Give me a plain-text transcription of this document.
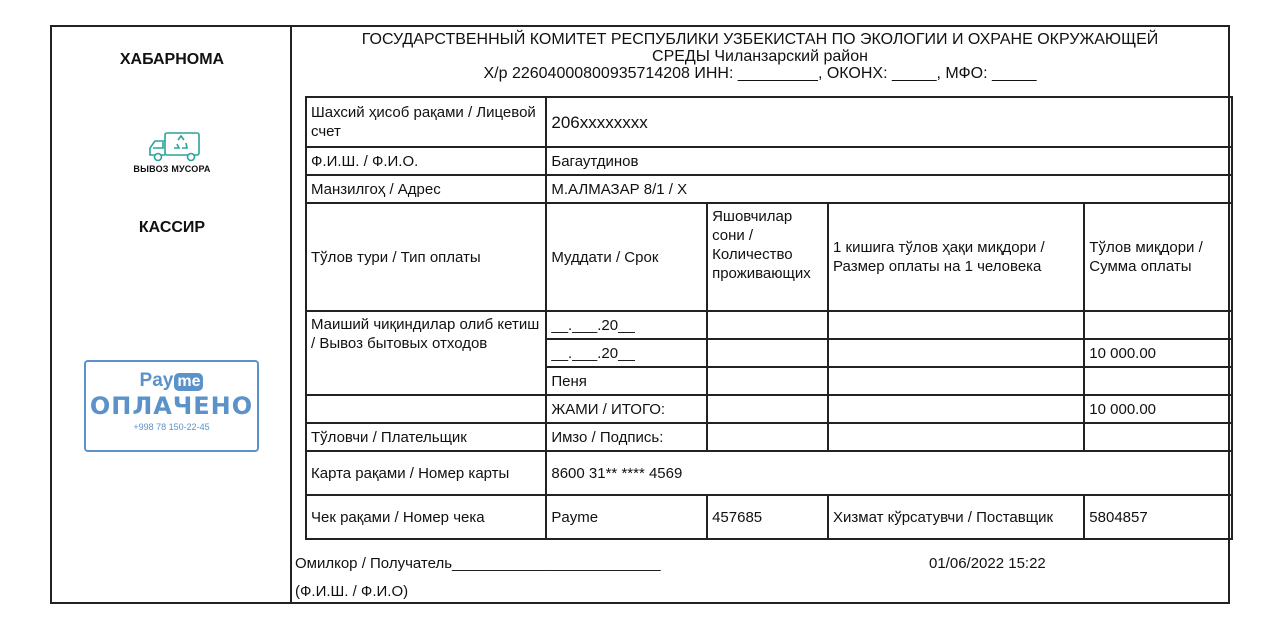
ХАБАРНОМА
ВЫВОЗ МУСОРА
КАССИР
Pay me
ОПЛАЧЕНО
+998 78 150-22-45
ГОСУДАРСТВЕННЫЙ КОМИТЕТ РЕСПУБЛИКИ УЗБЕКИСТАН ПО ЭКОЛОГИИ И ОХРАНЕ ОКРУЖАЮЩЕЙ
СРЕДЫ Чиланзарский район
Х/р 22604000800935714208 ИНН: _________, ОКОНХ: _____, МФО: _____
Шахсий ҳисоб рақами / Лицевой счет	206xxxxxxxx			
Ф.И.Ш. / Ф.И.О.	Багаутдинов			
Манзилгоҳ / Адрес	М.АЛМАЗАР 8/1 / Х			
Тўлов тури / Тип оплаты	Муддати / Срок	Яшовчилар сони / Количество проживающих	1 кишига тўлов ҳақи миқдори / Размер оплаты на 1 человека	Тўлов миқдори / Сумма оплаты
Маиший чиқиндилар олиб кетиш / Вывоз бытовых отходов	__.___.20__			
	__.___.20__			10 000.00
	Пеня			
	ЖАМИ / ИТОГО:			10 000.00
Тўловчи / Плательщик	Имзо / Подпись:			
Карта рақами / Номер карты	8600 31** **** 4569			
Чек рақами / Номер чека	Payme	457685	Хизмат кўрсатувчи / Поставщик	5804857
Омилкор / Получатель_________________________	01/06/2022 15:22
(Ф.И.Ш. / Ф.И.О)
